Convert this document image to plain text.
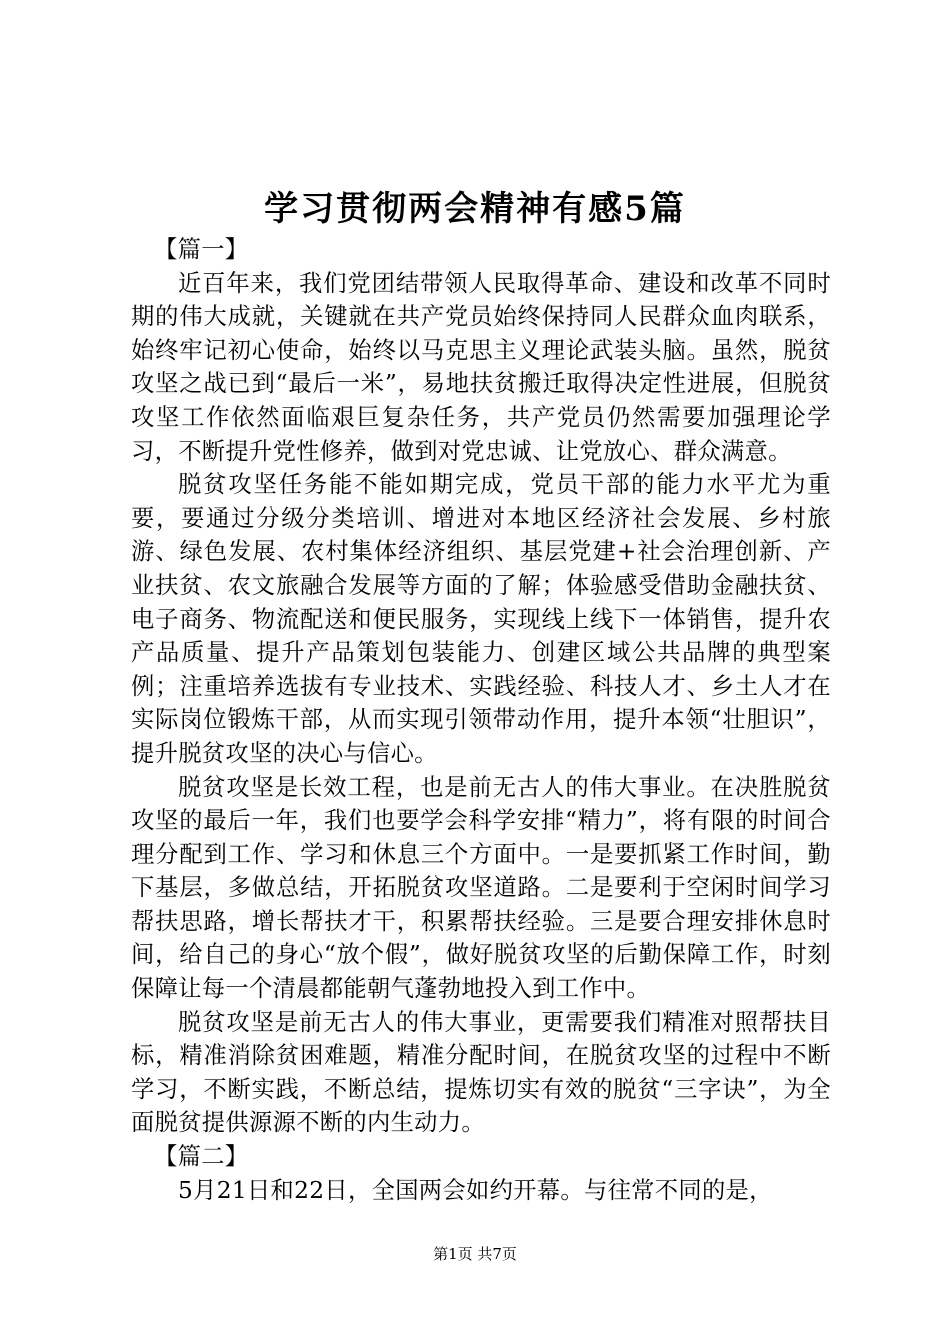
学习贯彻两会精神有感5篇
【篇一】

近百年来，我们党团结带领人民取得革命、建设和改革不同时期的伟大成就，关键就在共产党员始终保持同人民群众血肉联系，始终牢记初心使命，始终以马克思主义理论武装头脑。虽然，脱贫攻坚之战已到“最后一米”，易地扶贫搬迁取得决定性进展，但脱贫攻坚工作依然面临艰巨复杂任务，共产党员仍然需要加强理论学习，不断提升党性修养，做到对党忠诚、让党放心、群众满意。

脱贫攻坚任务能不能如期完成，党员干部的能力水平尤为重要，要通过分级分类培训、增进对本地区经济社会发展、乡村旅游、绿色发展、农村集体经济组织、基层党建+社会治理创新、产业扶贫、农文旅融合发展等方面的了解；体验感受借助金融扶贫、电子商务、物流配送和便民服务，实现线上线下一体销售，提升农产品质量、提升产品策划包装能力、创建区域公共品牌的典型案例；注重培养选拔有专业技术、实践经验、科技人才、乡土人才在实际岗位锻炼干部，从而实现引领带动作用，提升本领“壮胆识”，提升脱贫攻坚的决心与信心。

脱贫攻坚是长效工程，也是前无古人的伟大事业。在决胜脱贫攻坚的最后一年，我们也要学会科学安排“精力”，将有限的时间合理分配到工作、学习和休息三个方面中。一是要抓紧工作时间，勤下基层，多做总结，开拓脱贫攻坚道路。二是要利于空闲时间学习帮扶思路，增长帮扶才干，积累帮扶经验。三是要合理安排休息时间，给自己的身心“放个假”，做好脱贫攻坚的后勤保障工作，时刻保障让每一个清晨都能朝气蓬勃地投入到工作中。

脱贫攻坚是前无古人的伟大事业，更需要我们精准对照帮扶目标，精准消除贫困难题，精准分配时间，在脱贫攻坚的过程中不断学习，不断实践，不断总结，提炼切实有效的脱贫“三字诀”，为全面脱贫提供源源不断的内生动力。

【篇二】

5月21日和22日，全国两会如约开幕。与往常不同的是，

第1页 共7页
